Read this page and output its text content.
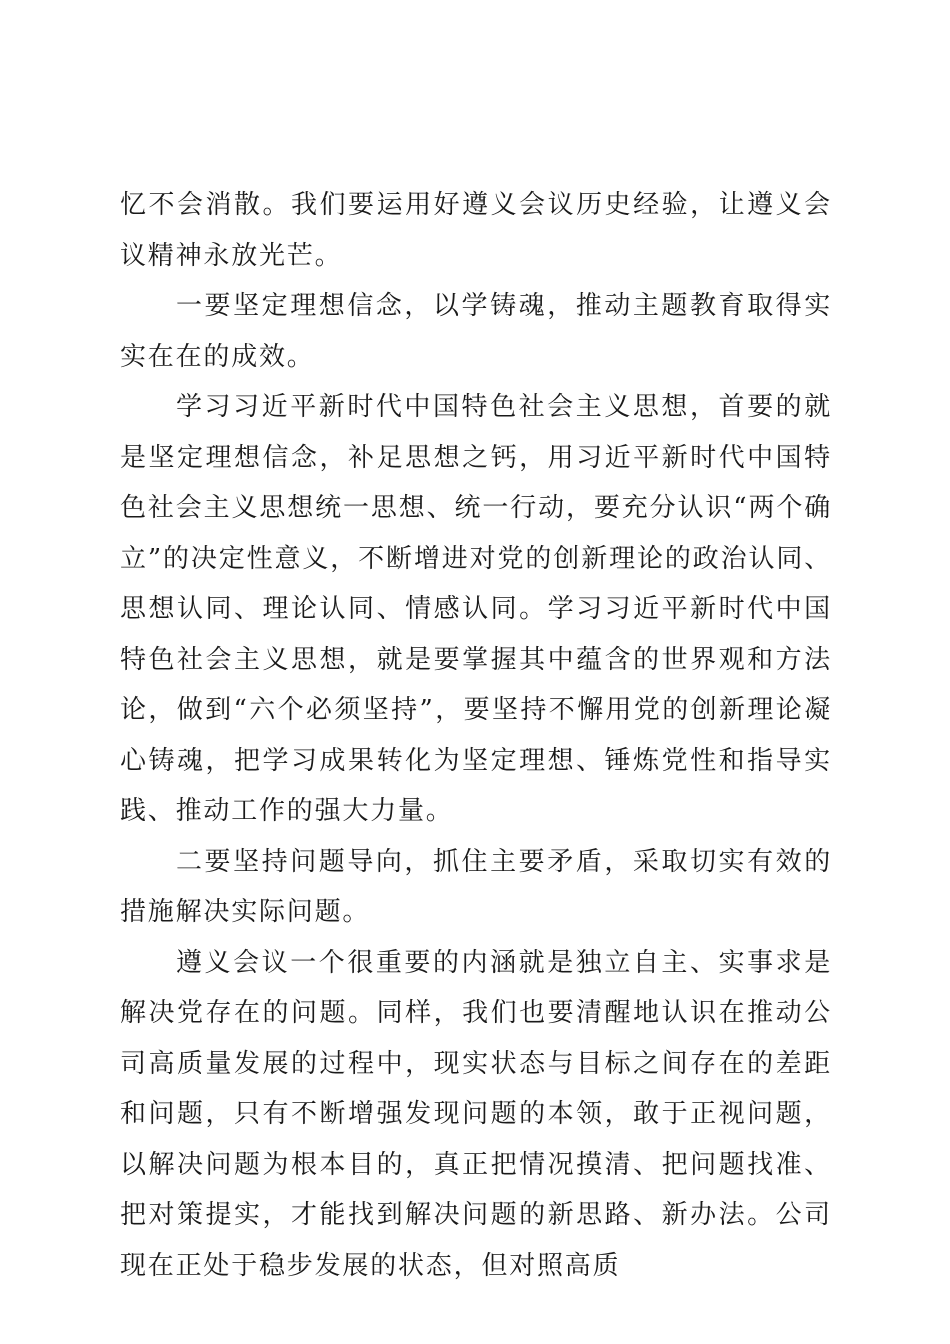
忆不会消散。我们要运用好遵义会议历史经验，让遵义会议精神永放光芒。

一要坚定理想信念，以学铸魂，推动主题教育取得实实在在的成效。

学习习近平新时代中国特色社会主义思想，首要的就是坚定理想信念，补足思想之钙，用习近平新时代中国特色社会主义思想统一思想、统一行动，要充分认识“两个确立”的决定性意义，不断增进对党的创新理论的政治认同、思想认同、理论认同、情感认同。学习习近平新时代中国特色社会主义思想，就是要掌握其中蕴含的世界观和方法论，做到“六个必须坚持”，要坚持不懈用党的创新理论凝心铸魂，把学习成果转化为坚定理想、锤炼党性和指导实践、推动工作的强大力量。

二要坚持问题导向，抓住主要矛盾，采取切实有效的措施解决实际问题。

遵义会议一个很重要的内涵就是独立自主、实事求是解决党存在的问题。同样，我们也要清醒地认识在推动公司高质量发展的过程中，现实状态与目标之间存在的差距和问题，只有不断增强发现问题的本领，敢于正视问题，以解决问题为根本目的，真正把情况摸清、把问题找准、把对策提实，才能找到解决问题的新思路、新办法。公司现在正处于稳步发展的状态，但对照高质
